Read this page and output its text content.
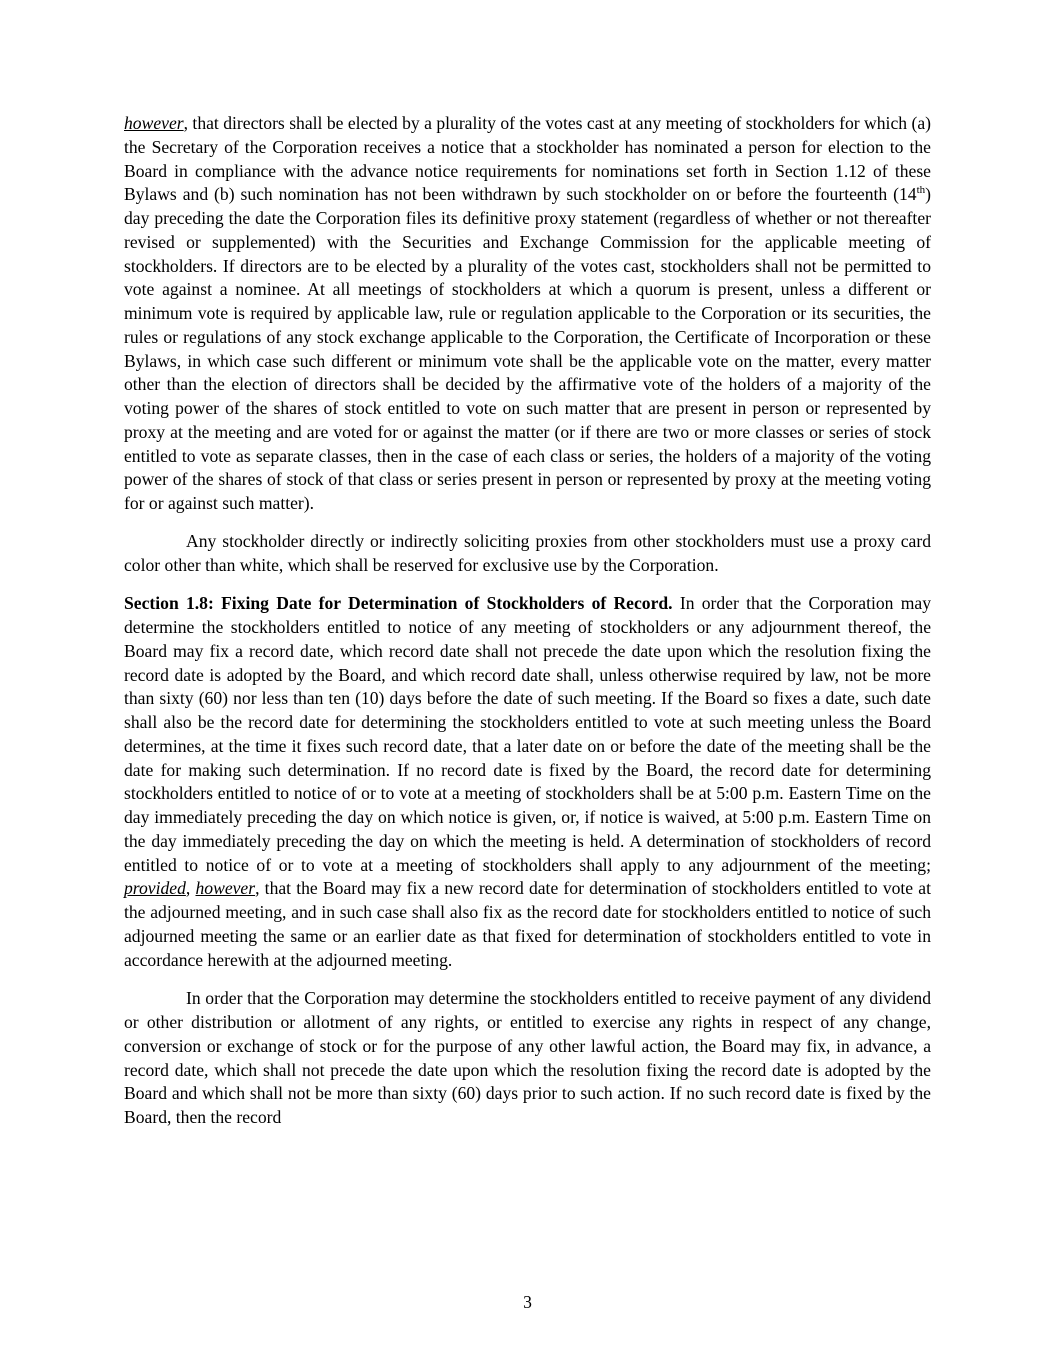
however, that directors shall be elected by a plurality of the votes cast at any meeting of stockholders for which (a) the Secretary of the Corporation receives a notice that a stockholder has nominated a person for election to the Board in compliance with the advance notice requirements for nominations set forth in Section 1.12 of these Bylaws and (b) such nomination has not been withdrawn by such stockholder on or before the fourteenth (14th) day preceding the date the Corporation files its definitive proxy statement (regardless of whether or not thereafter revised or supplemented) with the Securities and Exchange Commission for the applicable meeting of stockholders. If directors are to be elected by a plurality of the votes cast, stockholders shall not be permitted to vote against a nominee. At all meetings of stockholders at which a quorum is present, unless a different or minimum vote is required by applicable law, rule or regulation applicable to the Corporation or its securities, the rules or regulations of any stock exchange applicable to the Corporation, the Certificate of Incorporation or these Bylaws, in which case such different or minimum vote shall be the applicable vote on the matter, every matter other than the election of directors shall be decided by the affirmative vote of the holders of a majority of the voting power of the shares of stock entitled to vote on such matter that are present in person or represented by proxy at the meeting and are voted for or against the matter (or if there are two or more classes or series of stock entitled to vote as separate classes, then in the case of each class or series, the holders of a majority of the voting power of the shares of stock of that class or series present in person or represented by proxy at the meeting voting for or against such matter).

Any stockholder directly or indirectly soliciting proxies from other stockholders must use a proxy card color other than white, which shall be reserved for exclusive use by the Corporation.

Section 1.8: Fixing Date for Determination of Stockholders of Record. In order that the Corporation may determine the stockholders entitled to notice of any meeting of stockholders or any adjournment thereof, the Board may fix a record date, which record date shall not precede the date upon which the resolution fixing the record date is adopted by the Board, and which record date shall, unless otherwise required by law, not be more than sixty (60) nor less than ten (10) days before the date of such meeting. If the Board so fixes a date, such date shall also be the record date for determining the stockholders entitled to vote at such meeting unless the Board determines, at the time it fixes such record date, that a later date on or before the date of the meeting shall be the date for making such determination. If no record date is fixed by the Board, the record date for determining stockholders entitled to notice of or to vote at a meeting of stockholders shall be at 5:00 p.m. Eastern Time on the day immediately preceding the day on which notice is given, or, if notice is waived, at 5:00 p.m. Eastern Time on the day immediately preceding the day on which the meeting is held. A determination of stockholders of record entitled to notice of or to vote at a meeting of stockholders shall apply to any adjournment of the meeting; provided, however, that the Board may fix a new record date for determination of stockholders entitled to vote at the adjourned meeting, and in such case shall also fix as the record date for stockholders entitled to notice of such adjourned meeting the same or an earlier date as that fixed for determination of stockholders entitled to vote in accordance herewith at the adjourned meeting.

In order that the Corporation may determine the stockholders entitled to receive payment of any dividend or other distribution or allotment of any rights, or entitled to exercise any rights in respect of any change, conversion or exchange of stock or for the purpose of any other lawful action, the Board may fix, in advance, a record date, which shall not precede the date upon which the resolution fixing the record date is adopted by the Board and which shall not be more than sixty (60) days prior to such action. If no such record date is fixed by the Board, then the record

3
